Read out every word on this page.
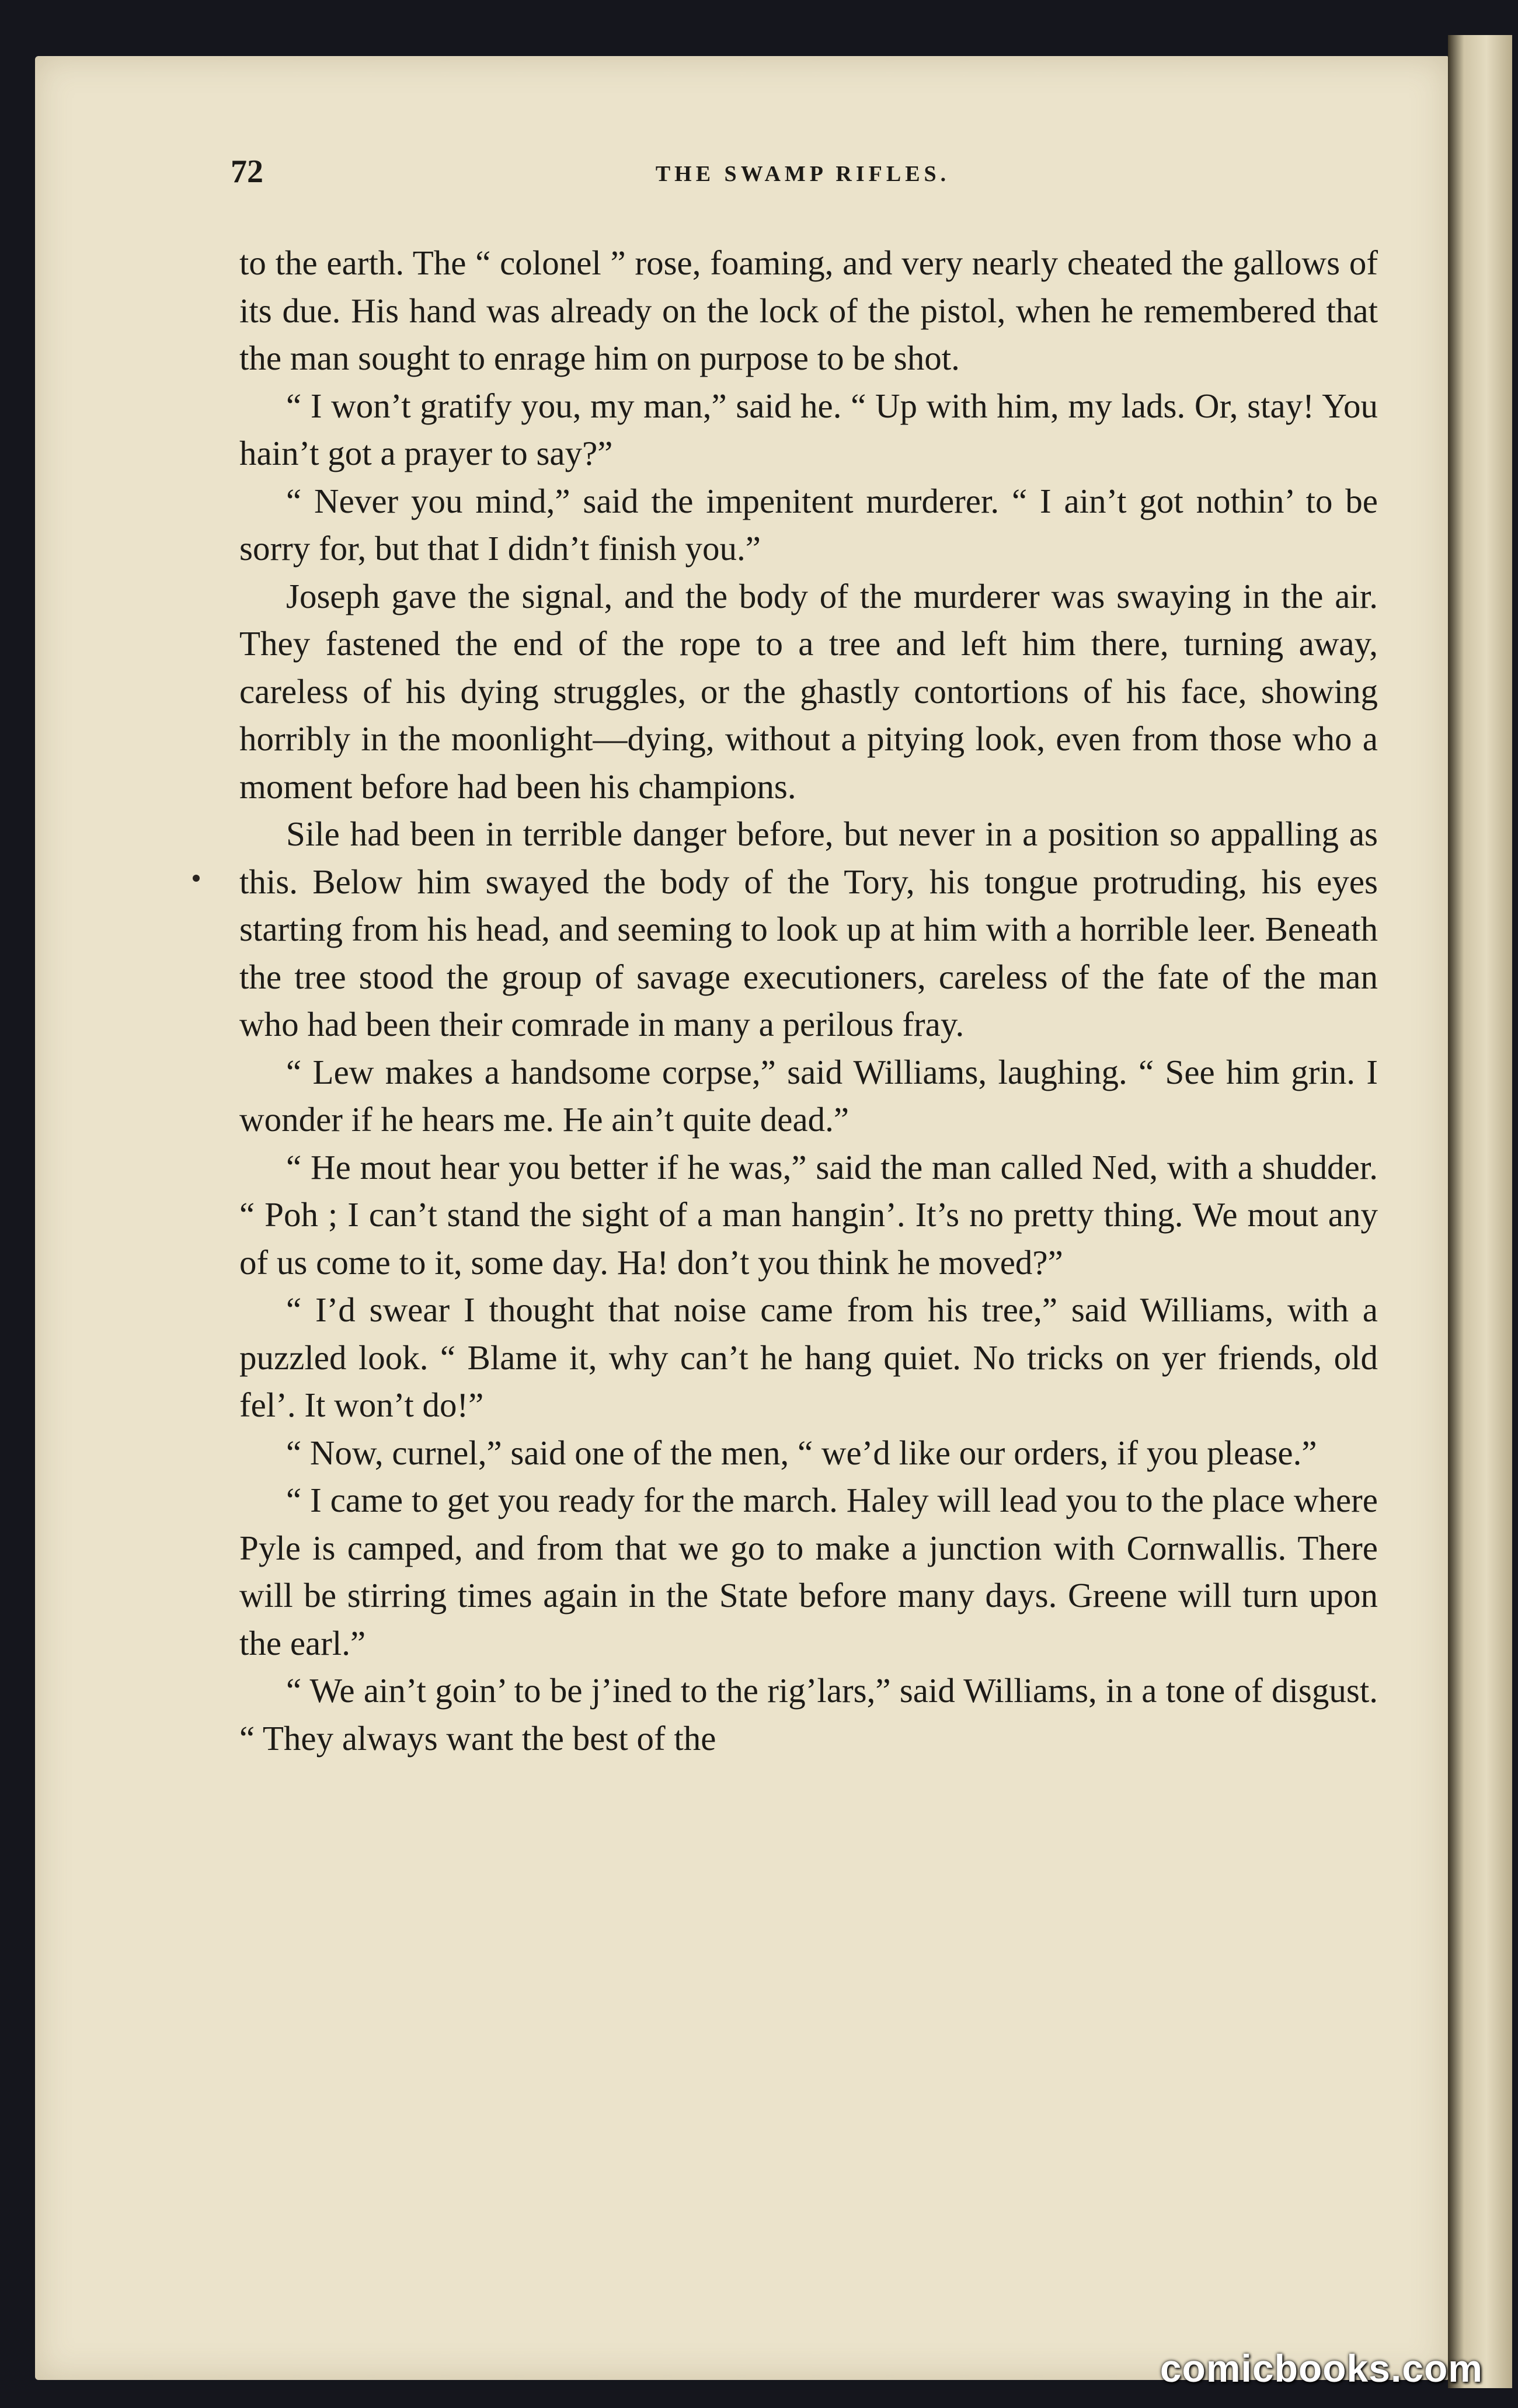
72	THE SWAMP RIFLES.

to the earth. The “ colonel ” rose, foaming, and very nearly cheated the gallows of its due. His hand was already on the lock of the pistol, when he remembered that the man sought to enrage him on purpose to be shot.

“ I won’t gratify you, my man,” said he. “ Up with him, my lads. Or, stay! You hain’t got a prayer to say?”

“ Never you mind,” said the impenitent murderer. “ I ain’t got nothin’ to be sorry for, but that I didn’t finish you.”

Joseph gave the signal, and the body of the murderer was swaying in the air. They fastened the end of the rope to a tree and left him there, turning away, careless of his dying struggles, or the ghastly contortions of his face, showing horribly in the moonlight—dying, without a pitying look, even from those who a moment before had been his champions.

Sile had been in terrible danger before, but never in a position so appalling as this. Below him swayed the body of the Tory, his tongue protruding, his eyes starting from his head, and seeming to look up at him with a horrible leer. Beneath the tree stood the group of savage executioners, careless of the fate of the man who had been their comrade in many a perilous fray.

“ Lew makes a handsome corpse,” said Williams, laughing. “ See him grin. I wonder if he hears me. He ain’t quite dead.”

“ He mout hear you better if he was,” said the man called Ned, with a shudder. “ Poh ; I can’t stand the sight of a man hangin’. It’s no pretty thing. We mout any of us come to it, some day. Ha! don’t you think he moved?”

“ I’d swear I thought that noise came from his tree,” said Williams, with a puzzled look. “ Blame it, why can’t he hang quiet. No tricks on yer friends, old fel’. It won’t do!”

“ Now, curnel,” said one of the men, “ we’d like our orders, if you please.”

“ I came to get you ready for the march. Haley will lead you to the place where Pyle is camped, and from that we go to make a junction with Cornwallis. There will be stirring times again in the State before many days. Greene will turn upon the earl.”

“ We ain’t goin’ to be j’ined to the rig’lars,” said Williams, in a tone of disgust. “ They always want the best of the

comicbooks.com
